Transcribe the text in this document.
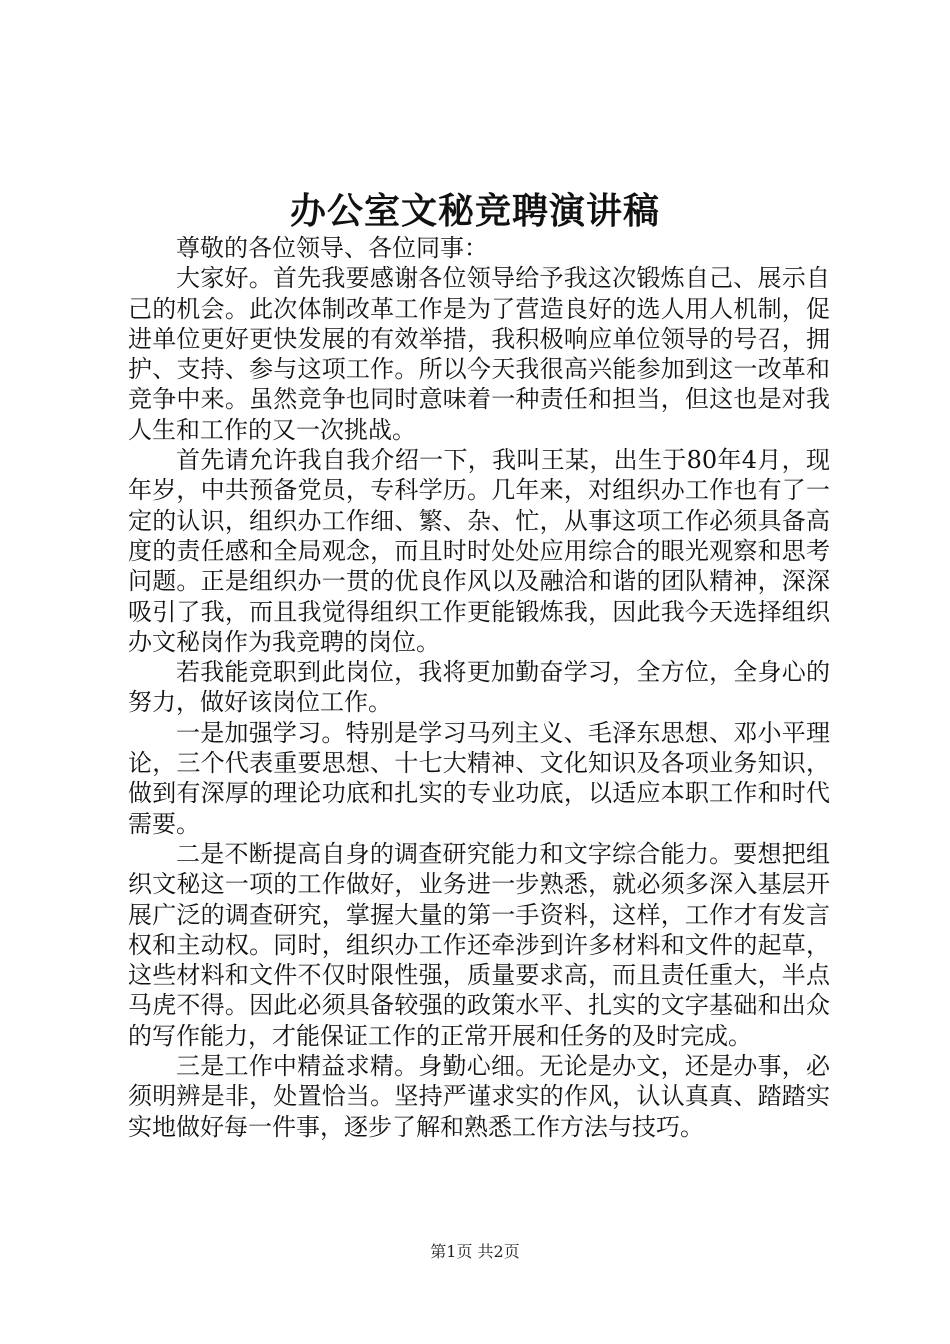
办公室文秘竞聘演讲稿

尊敬的各位领导、各位同事：

大家好。首先我要感谢各位领导给予我这次锻炼自己、展示自己的机会。此次体制改革工作是为了营造良好的选人用人机制，促进单位更好更快发展的有效举措，我积极响应单位领导的号召，拥护、支持、参与这项工作。所以今天我很高兴能参加到这一改革和竞争中来。虽然竞争也同时意味着一种责任和担当，但这也是对我人生和工作的又一次挑战。

首先请允许我自我介绍一下，我叫王某，出生于80年4月，现年岁，中共预备党员，专科学历。几年来，对组织办工作也有了一定的认识，组织办工作细、繁、杂、忙，从事这项工作必须具备高度的责任感和全局观念，而且时时处处应用综合的眼光观察和思考问题。正是组织办一贯的优良作风以及融洽和谐的团队精神，深深吸引了我，而且我觉得组织工作更能锻炼我，因此我今天选择组织办文秘岗作为我竞聘的岗位。

若我能竞职到此岗位，我将更加勤奋学习，全方位，全身心的努力，做好该岗位工作。

一是加强学习。特别是学习马列主义、毛泽东思想、邓小平理论，三个代表重要思想、十七大精神、文化知识及各项业务知识，做到有深厚的理论功底和扎实的专业功底，以适应本职工作和时代需要。

二是不断提高自身的调查研究能力和文字综合能力。要想把组织文秘这一项的工作做好，业务进一步熟悉，就必须多深入基层开展广泛的调查研究，掌握大量的第一手资料，这样，工作才有发言权和主动权。同时，组织办工作还牵涉到许多材料和文件的起草，这些材料和文件不仅时限性强，质量要求高，而且责任重大，半点马虎不得。因此必须具备较强的政策水平、扎实的文字基础和出众的写作能力，才能保证工作的正常开展和任务的及时完成。

三是工作中精益求精。身勤心细。无论是办文，还是办事，必须明辨是非，处置恰当。坚持严谨求实的作风，认认真真、踏踏实实地做好每一件事，逐步了解和熟悉工作方法与技巧。

第1页 共2页
